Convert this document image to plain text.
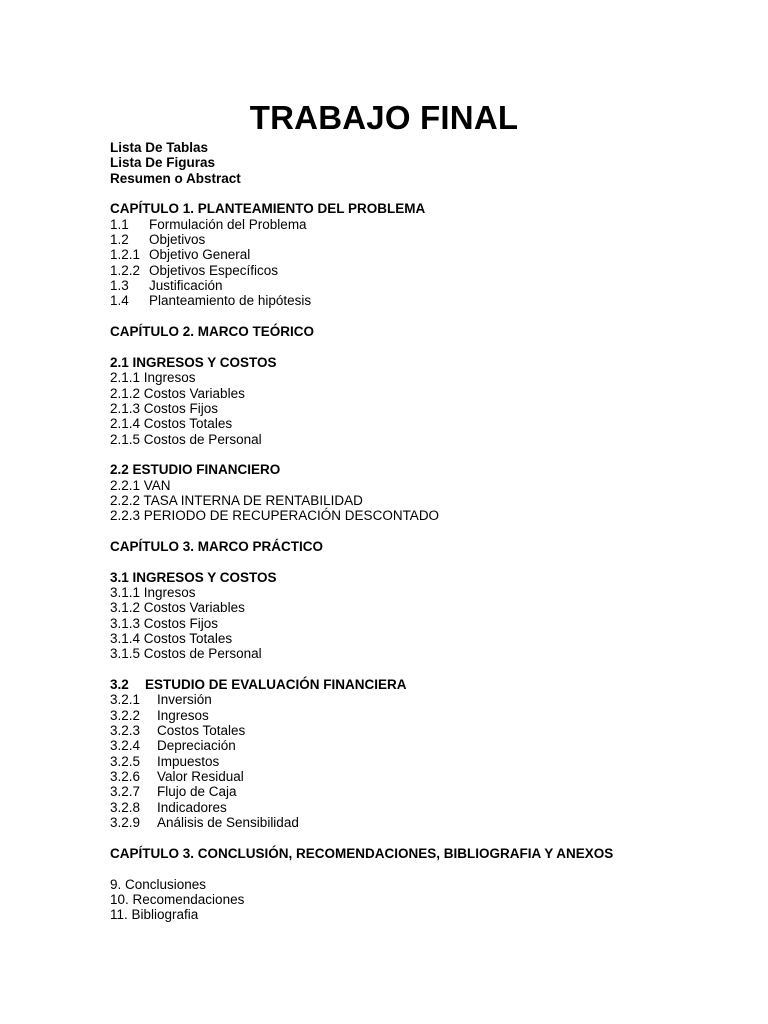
TRABAJO FINAL
Lista De Tablas
Lista De Figuras
Resumen o Abstract
CAPÍTULO 1. PLANTEAMIENTO DEL PROBLEMA
1.1 Formulación del Problema
1.2 Objetivos
1.2.1 Objetivo General
1.2.2 Objetivos Específicos
1.3 Justificación
1.4 Planteamiento de hipótesis
CAPÍTULO 2. MARCO TEÓRICO
2.1 INGRESOS Y COSTOS
2.1.1 Ingresos
2.1.2 Costos Variables
2.1.3 Costos Fijos
2.1.4 Costos Totales
2.1.5 Costos de Personal
2.2 ESTUDIO FINANCIERO
2.2.1 VAN
2.2.2 TASA INTERNA DE RENTABILIDAD
2.2.3 PERIODO DE RECUPERACIÓN DESCONTADO
CAPÍTULO 3. MARCO PRÁCTICO
3.1 INGRESOS Y COSTOS
3.1.1 Ingresos
3.1.2 Costos Variables
3.1.3 Costos Fijos
3.1.4 Costos Totales
3.1.5 Costos de Personal
3.2 ESTUDIO DE EVALUACIÓN FINANCIERA
3.2.1 Inversión
3.2.2 Ingresos
3.2.3 Costos Totales
3.2.4 Depreciación
3.2.5 Impuestos
3.2.6 Valor Residual
3.2.7 Flujo de Caja
3.2.8 Indicadores
3.2.9 Análisis de Sensibilidad
CAPÍTULO 3. CONCLUSIÓN, RECOMENDACIONES, BIBLIOGRAFIA Y ANEXOS
9. Conclusiones
10. Recomendaciones
11. Bibliografia
